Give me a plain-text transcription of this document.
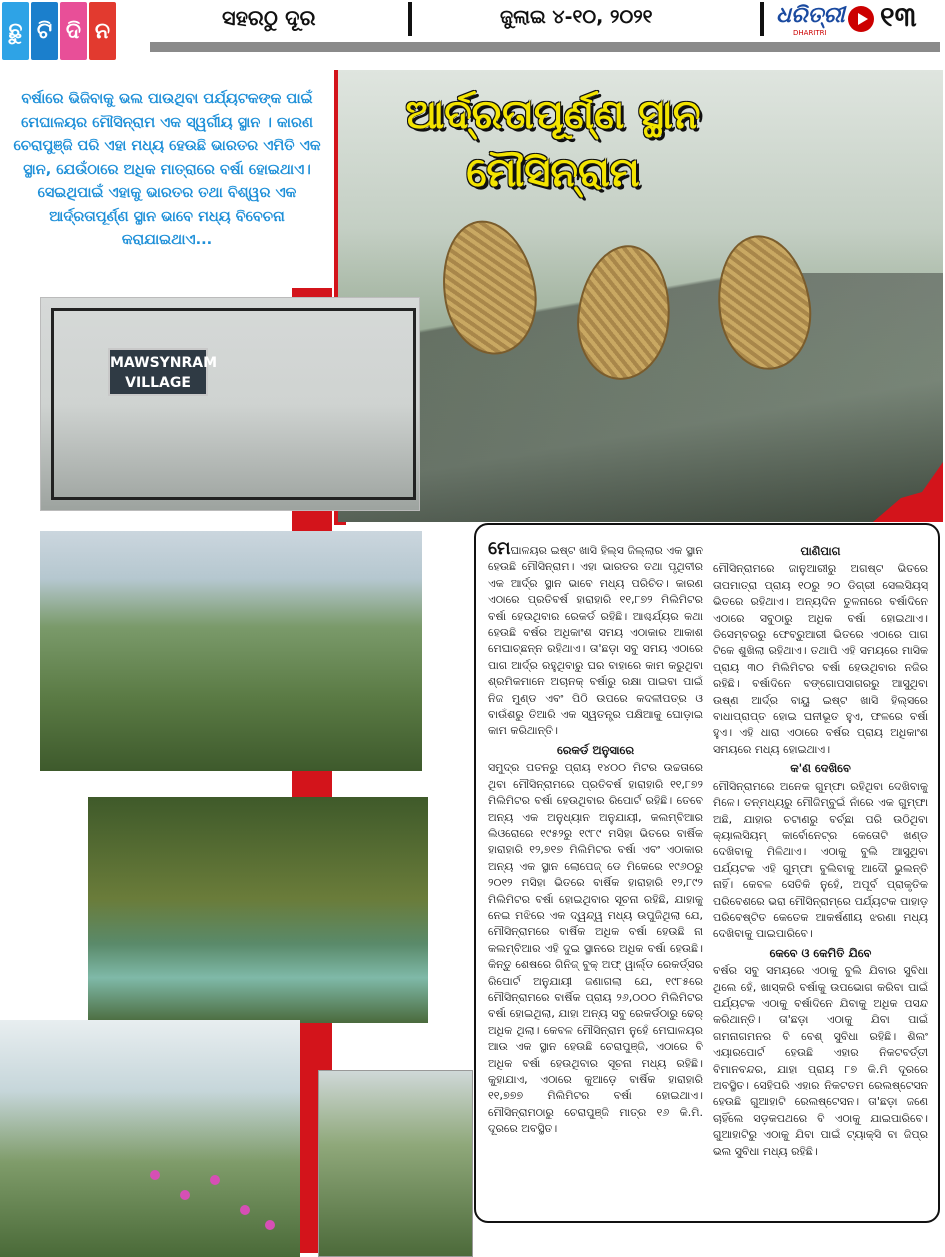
ଛୁ ଟି ଦି ନ
ସହରଠୁ ଦୂର	ଜୁଲାଇ ୪-୧୦, ୨୦୨୧	ଧରିତ୍ରୀ
DHARITRI ୧୩
ବର୍ଷାରେ ଭିଜିବାକୁ ଭଲ ପାଉଥିବା ପର୍ଯ୍ୟଟକଙ୍କ ପାଇଁ ମେଘାଳୟର ମୌସିନ୍‌ରାମ ଏକ ସ୍ୱର୍ଗୀୟ ସ୍ଥାନ । କାରଣ ଚେରାପୁଞ୍ଜି ପରି ଏହା ମଧ୍ୟ ହେଉଛି ଭାରତର ଏମିତି ଏକ ସ୍ଥାନ, ଯେଉଁଠାରେ ଅଧିକ ମାତ୍ରାରେ ବର୍ଷା ହୋଇଥାଏ। ସେଇଥିପାଇଁ ଏହାକୁ ଭାରତର ତଥା ବିଶ୍ୱର ଏକ ଆର୍ଦ୍ରତାପୂର୍ଣ୍ଣ ସ୍ଥାନ ଭାବେ ମଧ୍ୟ ବିବେଚନା କରାଯାଇଥାଏ...
ଆର୍ଦ୍ରତାପୂର୍ଣ୍ଣ ସ୍ଥାନ
ମୌସିନ୍‌ରାମ
MAWSYNRAM
VILLAGE

ମେଘାଳୟର ଇଷ୍ଟ ଖାସି ହିଲ୍ସ ଜିଲ୍ଲାର ଏକ ସ୍ଥାନ ହେଉଛି ମୌସିନ୍‌ରାମ। ଏହା ଭାରତର ତଥା ପୃଥିବୀର ଏକ ଆର୍ଦ୍ର ସ୍ଥାନ ଭାବେ ମଧ୍ୟ ପରିଚିତ। କାରଣ ଏଠାରେ ପ୍ରତିବର୍ଷ ହାରାହାରି ୧୧,୮୭୨ ମିଲିମିଟର ବର୍ଷା ହେଉଥିବାର ରେକର୍ଡ ରହିଛି। ଆଶ୍ଚର୍ଯ୍ୟର କଥା ହେଉଛି ବର୍ଷର ଅଧିକାଂଶ ସମୟ ଏଠାକାର ଆକାଶ ମେଘାଚ୍ଛନ୍ନ ରହିଥାଏ। ତା'ଛଡ଼ା ସବୁ ସମୟ ଏଠାରେ ପାଗ ଆର୍ଦ୍ର ରହୁଥିବାରୁ ଘର ବାହାରେ କାମ କରୁଥିବା ଶ୍ରମିକମାନେ ଅଚାନକ୍ ବର୍ଷାରୁ ରକ୍ଷା ପାଇବା ପାଇଁ ନିଜ ମୁଣ୍ଡ ଏବଂ ପିଠି ଉପରେ କଦଳୀପତ୍ର ଓ ବାଉଁଶରୁ ତିଆରି ଏକ ସ୍ୱତନ୍ତ୍ର ପକ୍ଷିଆକୁ ଘୋଡ଼ାଇ କାମ କରିଥାନ୍ତି।

ରେକର୍ଡ ଅନୁସାରେ

ସମୁଦ୍ର ପତନରୁ ପ୍ରାୟ ୧୪୦୦ ମିଟର ଉଚ୍ଚତାରେ ଥିବା ମୌସିନ୍‌ରାମରେ ପ୍ରତିବର୍ଷ ହାରାହାରି ୧୧,୮୭୨ ମିଲିମିଟର ବର୍ଷା ହେଉଥିବାର ରିପୋର୍ଟ ରହିଛି। ତେବେ ଅନ୍ୟ ଏକ ଅନୁଧ୍ୟାନ ଅନୁଯାୟୀ, କଲମ୍ବିଆର ଲିଓରୋରେ ୧୯୫୨ରୁ ୧୯୮୯ ମସିହା ଭିତରେ ବାର୍ଷିକ ହାରାହାରି ୧୨,୭୧୭ ମିଲିମିଟର ବର୍ଷା ଏବଂ ଏଠାକାର ଅନ୍ୟ ଏକ ସ୍ଥାନ ଲୋପେଜ୍ ଡେ ମିକେରେ ୧୯୬୦ରୁ ୨୦୧୨ ମସିହା ଭିତରେ ବାର୍ଷିକ ହାରାହାରି ୧୨,୮୯୨ ମିଲିମିଟର ବର୍ଷା ହୋଇଥିବାର ସୂଚନା ରହିଛି, ଯାହାକୁ ନେଇ ମଝିରେ ଏକ ଦ୍ୱନ୍ଦ୍ୱ ମଧ୍ୟ ଉପୁଜିଥିଲା ଯେ, ମୌସିନ୍‌ରାମରେ ବାର୍ଷିକ ଅଧିକ ବର୍ଷା ହେଉଛି ନା କଲମ୍ବିଆର ଏହି ଦୁଇ ସ୍ଥାନରେ ଅଧିକ ବର୍ଷା ହେଉଛି। କିନ୍ତୁ ଶେଷରେ ଗିନିଜ୍ ବୁକ୍ ଅଫ୍ ୱାର୍ଲ୍ଡ ରେକର୍ଡ୍ସର ରିପୋର୍ଟ ଅନୁଯାୟୀ ଜଣାଗଲା ଯେ, ୧୯୮୫ରେ ମୌସିନ୍‌ରାମରେ ବାର୍ଷିକ ପ୍ରାୟ ୨୬,୦୦୦ ମିଲିମିଟର ବର୍ଷା ହୋଇଥିଲା, ଯାହା ଅନ୍ୟ ସବୁ ରେକର୍ଡଠାରୁ ଢେର୍ ଅଧିକ ଥିଲା। କେବଳ ମୌସିନ୍‌ରାମ ନୁହେଁ ମେଘାଳୟର ଆଉ ଏକ ସ୍ଥାନ ହେଉଛି ଚେରାପୁଞ୍ଜି, ଏଠାରେ ବି ଅଧିକ ବର୍ଷା ହେଉଥିବାର ସୂଚନା ମଧ୍ୟ ରହିଛି। କୁହାଯାଏ, ଏଠାରେ କୁଆଡ଼େ ବାର୍ଷିକ ହାରାହାରି ୧୧,୭୭୭ ମିଲିମିଟର ବର୍ଷା ହୋଇଥାଏ। ମୌସିନ୍‌ରାମଠାରୁ ଚେରାପୁଞ୍ଜି ମାତ୍ର ୧୬ କି.ମି. ଦୂରରେ ଅବସ୍ଥିତ।

ପାଣିପାଗ

ମୌସିନ୍‌ରାମରେ ଜାନୁଆରୀରୁ ଅଗଷ୍ଟ ଭିତରେ ତାପମାତ୍ରା ପ୍ରାୟ ୧୦ରୁ ୨୦ ଡିଗ୍ରୀ ସେଲସିୟସ୍ ଭିତରେ ରହିଥାଏ। ଅନ୍ୟଦିନ ତୁଳନାରେ ବର୍ଷାଦିନେ ଏଠାରେ ସବୁଠାରୁ ଅଧିକ ବର୍ଷା ହୋଇଥାଏ। ଡିସେମ୍ବରରୁ ଫେବ୍ରୁଆରୀ ଭିତରେ ଏଠାରେ ପାଗ ଟିକେ ଶୁଖିଲା ରହିଥାଏ। ତଥାପି ଏହି ସମୟରେ ମାସିକ ପ୍ରାୟ ୩୦ ମିଲିମିଟର ବର୍ଷା ହେଉଥିବାର ନଜିର ରହିଛି। ବର୍ଷାଦିନେ ବଙ୍ଗୋପସାଗରରୁ ଆସୁଥିବା ଉଷ୍ଣ ଆର୍ଦ୍ର ବାୟୁ ଇଷ୍ଟ ଖାସି ହିଲ୍ସରେ ବାଧାପ୍ରାପ୍ତ ହୋଇ ଘନୀଭୂତ ହୁଏ, ଫଳରେ ବର୍ଷା ହୁଏ। ଏହି ଧାରା ଏଠାରେ ବର୍ଷର ପ୍ରାୟ ଅଧିକାଂଶ ସମୟରେ ମଧ୍ୟ ହୋଇଥାଏ।

କ'ଣ ଦେଖିବେ

ମୌସିନ୍‌ରାମରେ ଅନେକ ଗୁମ୍ଫା ରହିଥିବା ଦେଖିବାକୁ ମିଳେ। ତନ୍ମଧ୍ୟରୁ ମୌଜିମ୍ବୁଇଁ ନାଁରେ ଏକ ଗୁମ୍ଫା ଅଛି, ଯାହାର ଚଟାଣରୁ ବର୍ଚ୍ଛା ପରି ଉଠିଥିବା କ୍ୟାଲସିୟମ୍ କାର୍ବୋନେଟ୍‌ର କେତୋଟି ଖଣ୍ଡ ଦେଖିବାକୁ ମିଳିଥାଏ। ଏଠାକୁ ବୁଲି ଆସୁଥିବା ପର୍ଯ୍ୟଟକ ଏହି ଗୁମ୍ଫା ବୁଲିବାକୁ ଆଦୌ ଭୁଲନ୍ତି ନାହିଁ। କେବଳ ସେତିକି ନୁହେଁ, ଅପୂର୍ବ ପ୍ରାକୃତିକ ପରିବେଶରେ ଭରା ମୌସିନ୍‌ରାମ୍‌ରେ ପର୍ଯ୍ୟଟକ ପାହାଡ଼ ପରିବେଷ୍ଟିତ କେତେକ ଆକର୍ଷଣୀୟ ଝରଣା ମଧ୍ୟ ଦେଖିବାକୁ ପାଇପାରିବେ।

କେବେ ଓ କେମିତି ଯିବେ

ବର୍ଷର ସବୁ ସମୟରେ ଏଠାକୁ ବୁଲି ଯିବାର ସୁବିଧା ଥିଲେ ହେଁ, ଖାସ୍‌କରି ବର୍ଷାକୁ ଉପଭୋଗ କରିବା ପାଇଁ ପର୍ଯ୍ୟଟକ ଏଠାକୁ ବର୍ଷାଦିନେ ଯିବାକୁ ଅଧିକ ପସନ୍ଦ କରିଥାନ୍ତି। ତା'ଛଡ଼ା ଏଠାକୁ ଯିବା ପାଇଁ ଗମନାଗମନର ବି ବେଶ୍ ସୁବିଧା ରହିଛି। ଶିଲଂ ଏୟାରପୋର୍ଟ ହେଉଛି ଏହାର ନିକଟବର୍ତ୍ତୀ ବିମାନବନ୍ଦର, ଯାହା ପ୍ରାୟ ୮୭ କି.ମି ଦୂରରେ ଅବସ୍ଥିତ। ସେହିପରି ଏହାର ନିକଟତମ ରେଲଷ୍ଟେସନ ହେଉଛି ଗୁଆହାଟି ରେଲଷ୍ଟେସନ। ତା'ଛଡ଼ା ଜଣେ ଚାହିଁଲେ ସଡ଼କପଥରେ ବି ଏଠାକୁ ଯାଇପାରିବେ। ଗୁଆହାଟିରୁ ଏଠାକୁ ଯିବା ପାଇଁ ଟ୍ୟାକ୍ସି ବା ଜିପ୍‌ର ଭଲ ସୁବିଧା ମଧ୍ୟ ରହିଛି।
